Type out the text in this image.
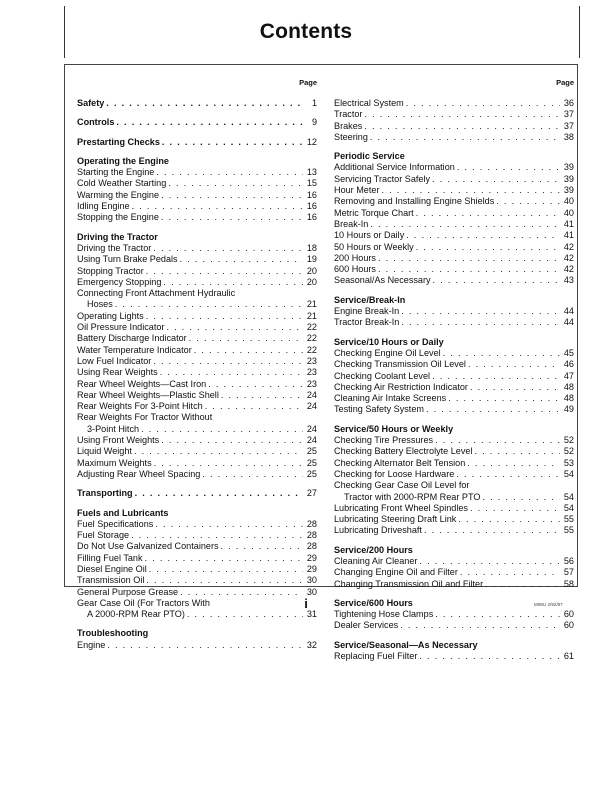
Contents
Page
Safety . . .	1
Controls . . .	9
Prestarting Checks . . .	12
Operating the Engine
Starting the Engine . . .	13
Cold Weather Starting . . .	15
Warming the Engine . . .	16
Idling Engine . . .	16
Stopping the Engine . . .	16
Driving the Tractor
Driving the Tractor . . .	18
Using Turn Brake Pedals . . .	19
Stopping Tractor . . .	20
Emergency Stopping . . .	20
Connecting Front Attachment Hydraulic
Hoses . . .	21
Operating Lights . . .	21
Oil Pressure Indicator . . .	22
Battery Discharge Indicator . . .	22
Water Temperature Indicator . . .	22
Low Fuel Indicator . . .	23
Using Rear Weights . . .	23
Rear Wheel Weights—Cast Iron . . .	23
Rear Wheel Weights—Plastic Shell . . .	24
Rear Weights For 3-Point Hitch . . .	24
Rear Weights For Tractor Without
3-Point Hitch . . .	24
Using Front Weights . . .	24
Liquid Weight . . .	25
Maximum Weights . . .	25
Adjusting Rear Wheel Spacing . . .	25
Transporting . . .	27
Fuels and Lubricants
Fuel Specifications . . .	28
Fuel Storage . . .	28
Do Not Use Galvanized Containers . . .	28
Filling Fuel Tank . . .	29
Diesel Engine Oil . . .	29
Transmission Oil . . .	30
General Purpose Grease . . .	30
Gear Case Oil (For Tractors With
A 2000-RPM Rear PTO) . . .	31
Troubleshooting
Engine . . .	32
Page
Electrical System . . .	36
Tractor . . .	37
Brakes . . .	37
Steering . . .	38
Periodic Service
Additional Service Information . . .	39
Servicing Tractor Safely . . .	39
Hour Meter . . .	39
Removing and Installing Engine Shields . . .	40
Metric Torque Chart . . .	40
Break-In . . .	41
10 Hours or Daily . . .	41
50 Hours or Weekly . . .	42
200 Hours . . .	42
600 Hours . . .	42
Seasonal/As Necessary . . .	43
Service/Break-In
Engine Break-In . . .	44
Tractor Break-In . . .	44
Service/10 Hours or Daily
Checking Engine Oil Level . . .	45
Checking Transmission Oil Level . . .	46
Checking Coolant Level . . .	47
Checking Air Restriction Indicator . . .	48
Cleaning Air Intake Screens . . .	48
Testing Safety System . . .	49
Service/50 Hours or Weekly
Checking Tire Pressures . . .	52
Checking Battery Electrolyte Level . . .	52
Checking Alternator Belt Tension . . .	53
Checking for Loose Hardware . . .	54
Checking Gear Case Oil Level for
Tractor with 2000-RPM Rear PTO . . .	54
Lubricating Front Wheel Spindles . . .	54
Lubricating Steering Draft Link . . .	55
Lubricating Driveshaft . . .	55
Service/200 Hours
Cleaning Air Cleaner . . .	56
Changing Engine Oil and Filter . . .	57
Changing Transmission Oil and Filter . . .	58
Service/600 Hours
Tightening Hose Clamps . . .	60
Dealer Services . . .	60
Service/Seasonal—As Necessary
Replacing Fuel Filter . . .	61
i	M95U 2/92/97
